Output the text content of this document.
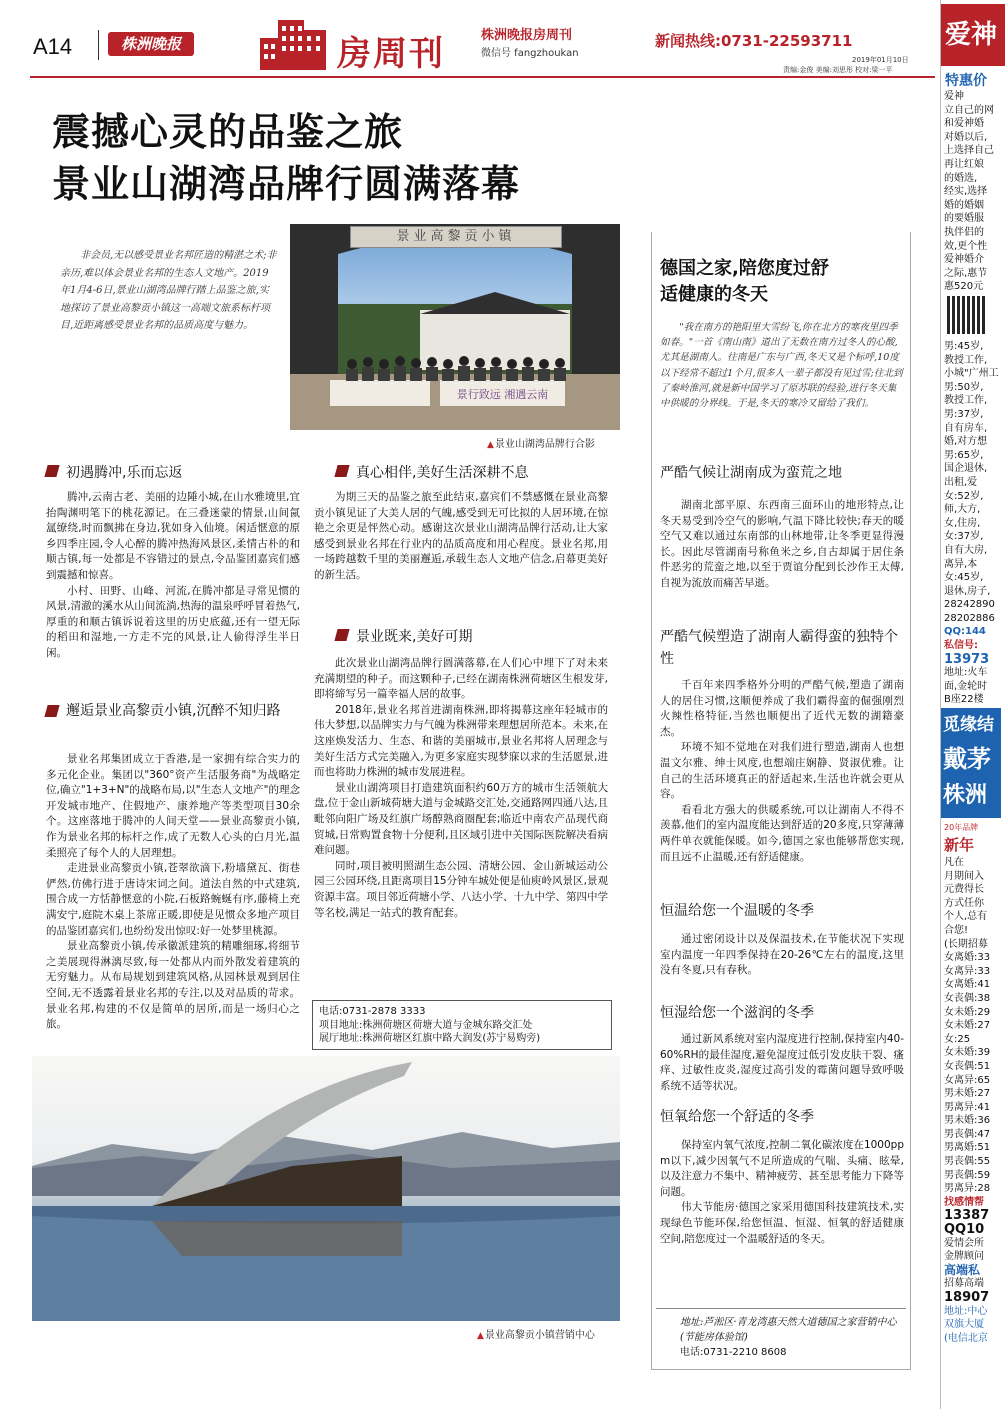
A14	株洲晚报	房周刊	株洲晚报房周刊
微信号 fangzhoukan
新闻热线:0731-22593711
2019年01月10日
责编:金俊 美编:刘思彤 校对:梁一平
震撼心灵的品鉴之旅
景业山湖湾品牌行圆满落幕
非会员,无以感受景业名邦匠造的精湛之术;非亲历,难以体会景业名邦的生态人文地产。2019年1月4-6日,景业山湖湾品牌行踏上品鉴之旅,实地探访了景业高黎贡小镇这一高端文旅系标杆项目,近距离感受景业名邦的品质高度与魅力。
景业高黎贡小镇
景行致远 湘遇云南
▲ 景业山湖湾品牌行合影
初遇腾冲,乐而忘返

腾冲,云南古老、美丽的边陲小城,在山水雅境里,宜抬陶渊明笔下的桃花源记。在三叠迷蒙的情景,山间氤氲缭绕,时而飘拂在身边,犹如身入仙境。闲适惬意的原乡四季庄园,令人心醉的腾冲热海风景区,柔情古朴的和顺古镇,每一处都是不容错过的景点,令品鉴团嘉宾们感到震撼和惊喜。

小村、田野、山峰、河流,在腾冲都是寻常见惯的风景,清澈的溪水从山间流淌,热海的温泉呼呼冒着热气,厚重的和顺古镇诉说着这里的历史底蕴,还有一望无际的稻田和湿地,一方走不完的风景,让人偷得浮生半日闲。

邂逅景业高黎贡小镇,沉醉不知归路

景业名邦集团成立于香港,是一家拥有综合实力的多元化企业。集团以"360°资产生活服务商"为战略定位,确立"1+3+N"的战略布局,以"生态人文地产"的理念开发城市地产、住假地产、康养地产等类型项目30余个。这座落地于腾冲的人间天堂——景业高黎贡小镇,作为景业名邦的标杆之作,成了无数人心头的白月光,温柔照亮了每个人的人居理想。

走进景业高黎贡小镇,苍翠欲滴下,粉墙黛瓦、街巷俨然,仿佛行进于唐诗宋词之间。道法自然的中式建筑,围合成一方恬静惬意的小院,石板路蜿蜒有序,藤椅上充满安宁,庭院木桌上茶席正暖,即使是见惯众多地产项目的品鉴团嘉宾们,也纷纷发出惊叹:好一处梦里桃源。

景业高黎贡小镇,传承徽派建筑的精雕细琢,将细节之美展现得淋漓尽致,每一处都从内而外散发着建筑的无穷魅力。从布局规划到建筑风格,从园林景观到居住空间,无不透露着景业名邦的专注,以及对品质的苛求。景业名邦,构建的不仅是简单的居所,而是一场归心之旅。

真心相伴,美好生活深耕不息

为期三天的品鉴之旅至此结束,嘉宾们不禁感慨在景业高黎贡小镇见证了大美人居的气魄,感受到无可比拟的人居环境,在惊艳之余更是怦然心动。感谢这次景业山湖湾品牌行活动,让大家感受到景业名邦在行业内的品质高度和用心程度。景业名邦,用一场跨越数千里的美丽邂逅,承载生态人文地产信念,启幕更美好的新生活。

景业既来,美好可期

此次景业山湖湾品牌行圆满落幕,在人们心中埋下了对未来充满期望的种子。而这颗种子,已经在湖南株洲荷塘区生根发芽,即将缔写另一篇幸福人居的故事。

2018年,景业名邦首进湖南株洲,即将揭幕这座年轻城市的伟大梦想,以品牌实力与气魄为株洲带来理想居所范本。未来,在这座焕发活力、生态、和谐的美丽城市,景业名邦将人居理念与美好生活方式完美融入,为更多家庭实现梦寐以求的生活愿景,进而也将助力株洲的城市发展进程。

景业山湖湾项目打造建筑面积约60万方的城市生活领航大盘,位于金山新城荷塘大道与金城路交汇处,交通路网四通八达,且毗邻向阳广场及红旗广场醇熟商圈配套;临近中南农产品现代商贸城,日常购置食物十分便利,且区域引进中关国际医院解决看病难问题。

同时,项目被明照湖生态公园、清塘公园、金山新城运动公园三公园环绕,且距离项目15分钟车城处便是仙庾岭风景区,景观资源丰富。项目邻近荷塘小学、八达小学、十九中学、第四中学等名校,满足一站式的教育配套。

电话:0731-2878 3333
项目地址:株洲荷塘区荷塘大道与金城东路交汇处
展厅地址:株洲荷塘区红旗中路大润发(苏宁易购旁)
▲ 景业高黎贡小镇营销中心
德国之家,陪您度过舒
适健康的冬天
"我在南方的艳阳里大雪纷飞,你在北方的寒夜里四季如春。"一首《南山南》道出了无数在南方过冬人的心酸,尤其是湖南人。往南是广东与广西,冬天又是个标呼,10度以下经常不超过1个月,很多人一辈子都没有见过雪;往北到了秦岭淮河,就是新中国学习了原苏联的经验,进行冬天集中供暖的分界线。于是,冬天的寒冷又留给了我们。
严酷气候让湖南成为蛮荒之地

湖南北部平原、东西南三面环山的地形特点,让冬天易受到冷空气的影响,气温下降比较快;春天的暖空气又难以通过东南部的山林地带,让冬季更显得漫长。因此尽管湖南号称鱼米之乡,自古却属于居住条件恶劣的荒蛮之地,以至于贾谊分配到长沙作王太傅,自视为流放而痛苦早逝。

严酷气候塑造了湖南人霸得蛮的独特个性

千百年来四季格外分明的严酷气候,塑造了湖南人的居住习惯,这顺便养成了我们霸得蛮的倔强刚烈火辣性格特征,当然也顺便出了近代无数的湖籍豪杰。

环境不知不觉地在对我们进行塑造,湖南人也想温文尔雅、绅士风度,也想端庄娴静、贤淑优雅。让自己的生活环境真正的舒适起来,生活也许就会更从容。

看看北方强大的供暖系统,可以让湖南人不得不羡慕,他们的室内温度能达到舒适的20多度,只穿薄薄两件单衣就能保暖。如今,德国之家也能够帮您实现,而且远不止温暖,还有舒适健康。

恒温给您一个温暖的冬季

通过密闭设计以及保温技术,在节能状况下实现室内温度一年四季保持在20-26℃左右的温度,这里没有冬夏,只有春秋。

恒湿给您一个滋润的冬季

通过新风系统对室内湿度进行控制,保持室内40-60%RH的最佳湿度,避免湿度过低引发皮肤干裂、瘙痒、过敏性皮炎,湿度过高引发的霉菌问题导致呼吸系统不适等状况。

恒氧给您一个舒适的冬季

保持室内氧气浓度,控制二氧化碳浓度在1000ppm以下,减少因氧气不足所造成的气喘、头痛、眩晕,以及注意力不集中、精神疲劳、甚至思考能力下降等问题。

伟大节能房·德国之家采用德国科技建筑技术,实现绿色节能环保,给您恒温、恒湿、恒氧的舒适健康空间,陪您度过一个温暖舒适的冬天。

地址:芦淞区·青龙湾惠天然大道德国之家营销中心(节能房体验馆)
电话:0731-2210 8608
爱神
特惠价
爱神
立自己的网
和爱神婚
对婚以后,
上选择自己
再让红娘
的婚选,
经实,选择
婚的婚姻
的要婚服
执伴侣的
效,更个性
爱神婚介
之际,惠节
惠520元
男:45岁,
教授工作,
小城"广州工
男:50岁,
教授工作,
男:37岁,
自有房车,
婚,对方想
男:65岁,
国企退休,
出租,爱
女:52岁,
师,大方,
女,住房,
女:37岁,
自有大房,
离异,本
女:45岁,
退休,房子,
28242890
28202886
QQ:144
私信号:
13973
地址:火车
面,金轮时
B座22楼
觅缘结
戴茅
株洲
20年品牌
新年
凡在
月期间入
元费得长
方式任你
个人,总有
合您!
(长期招募
女离婚:33
女离异:33
女离婚:41
女丧偶:38
女未婚:29
女未婚:27
女:25
女未婚:39
女丧偶:51
女离异:65
男未婚:27
男离异:41
男未婚:36
男丧偶:47
男离婚:51
男丧偶:55
男丧偶:59
男离异:28
找感情帮
13387
QQ10
爱情会所
金牌顾问
高端私
招募高端
18907
地址:中心
双旗大厦
(电信北京
